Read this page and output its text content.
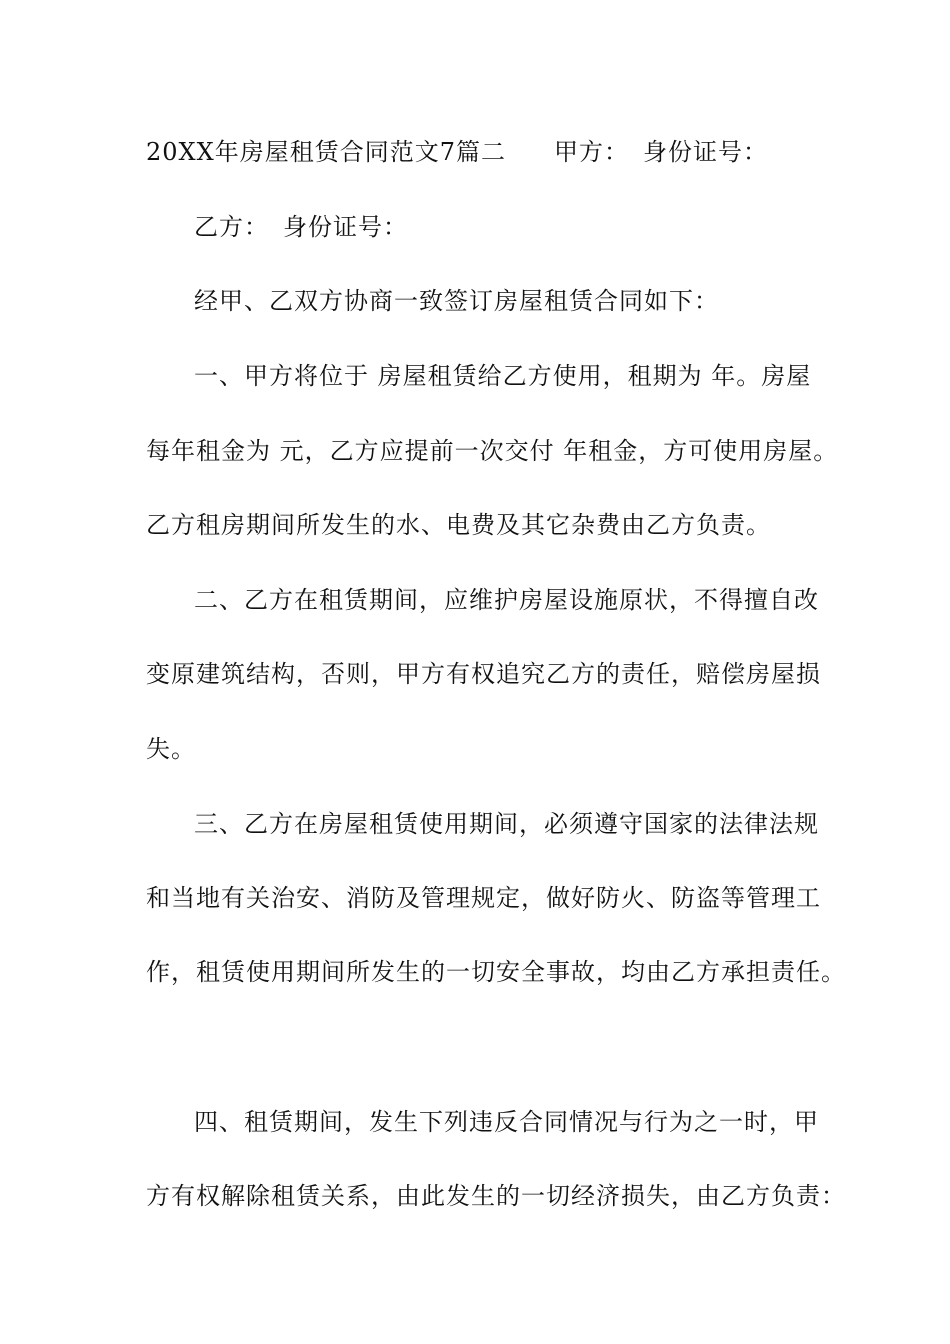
20XX年房屋租赁合同范文7篇二 甲方： 身份证号：
乙方： 身份证号：
经甲、乙双方协商一致签订房屋租赁合同如下：
一、甲方将位于 房屋租赁给乙方使用，租期为 年。房屋
每年租金为 元，乙方应提前一次交付 年租金，方可使用房屋。
乙方租房期间所发生的水、电费及其它杂费由乙方负责。
二、乙方在租赁期间，应维护房屋设施原状，不得擅自改
变原建筑结构，否则，甲方有权追究乙方的责任，赔偿房屋损
失。
三、乙方在房屋租赁使用期间，必须遵守国家的法律法规
和当地有关治安、消防及管理规定，做好防火、防盗等管理工
作，租赁使用期间所发生的一切安全事故，均由乙方承担责任。
四、租赁期间，发生下列违反合同情况与行为之一时，甲
方有权解除租赁关系，由此发生的一切经济损失，由乙方负责：
